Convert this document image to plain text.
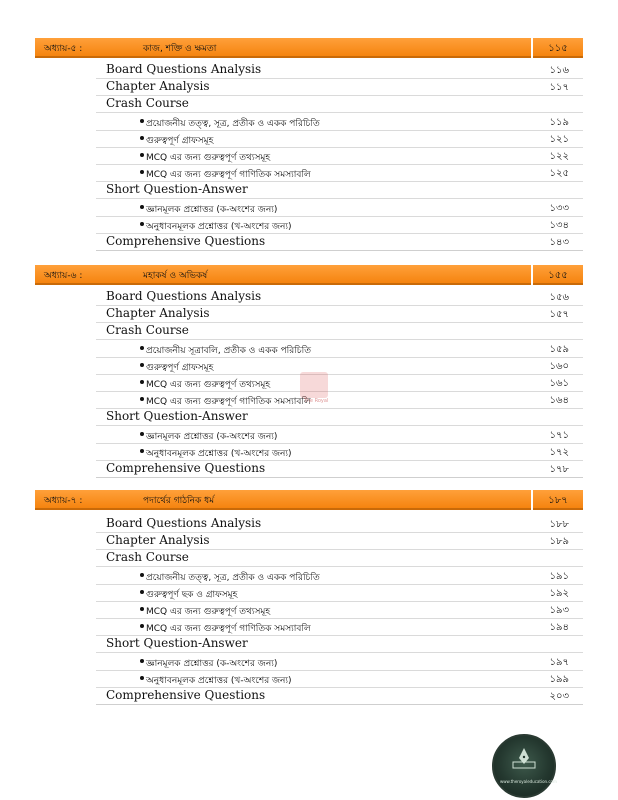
অধ্যায়-৫ :	কাজ, শক্তি ও ক্ষমতা	১১৫
Board Questions Analysis	১১৬
Chapter Analysis	১১৭
Crash Course
প্রয়োজনীয় তত্ত্ব, সূত্র, প্রতীক ও একক পরিচিতি	১১৯
গুরুত্বপূর্ণ গ্রাফসমূহ	১২১
MCQ এর জন্য গুরুত্বপূর্ণ তথ্যসমূহ	১২২
MCQ এর জন্য গুরুত্বপূর্ণ গাণিতিক সমস্যাবলি	১২৫
Short Question-Answer
জ্ঞানমূলক প্রশ্নোত্তর (ক-অংশের জন্য)	১৩৩
অনুধাবনমূলক প্রশ্নোত্তর (খ-অংশের জন্য)	১৩৪
Comprehensive Questions	১৪৩
অধ্যায়-৬ :	মহাকর্ষ ও অভিকর্ষ	১৫৫
Board Questions Analysis	১৫৬
Chapter Analysis	১৫৭
Crash Course
প্রয়োজনীয় সূত্রাবলি, প্রতীক ও একক পরিচিতি	১৫৯
গুরুত্বপূর্ণ গ্রাফসমূহ	১৬০
MCQ এর জন্য গুরুত্বপূর্ণ তথ্যসমূহ	১৬১
MCQ এর জন্য গুরুত্বপূর্ণ গাণিতিক সমস্যাবলি	১৬৪
Short Question-Answer
জ্ঞানমূলক প্রশ্নোত্তর (ক-অংশের জন্য)	১৭১
অনুধাবনমূলক প্রশ্নোত্তর (খ-অংশের জন্য)	১৭২
Comprehensive Questions	১৭৮
অধ্যায়-৭ :	পদার্থের গাঠনিক ধর্ম	১৮৭
Board Questions Analysis	১৮৮
Chapter Analysis	১৮৯
Crash Course
প্রয়োজনীয় তত্ত্ব, সূত্র, প্রতীক ও একক পরিচিতি	১৯১
গুরুত্বপূর্ণ ছক ও গ্রাফসমূহ	১৯২
MCQ এর জন্য গুরুত্বপূর্ণ তথ্যসমূহ	১৯৩
MCQ এর জন্য গুরুত্বপূর্ণ গাণিতিক সমস্যাবলি	১৯৪
Short Question-Answer
জ্ঞানমূলক প্রশ্নোত্তর (ক-অংশের জন্য)	১৯৭
অনুধাবনমূলক প্রশ্নোত্তর (খ-অংশের জন্য)	১৯৯
Comprehensive Questions	২০৩
The Royal
www.theroyaleducation.com
